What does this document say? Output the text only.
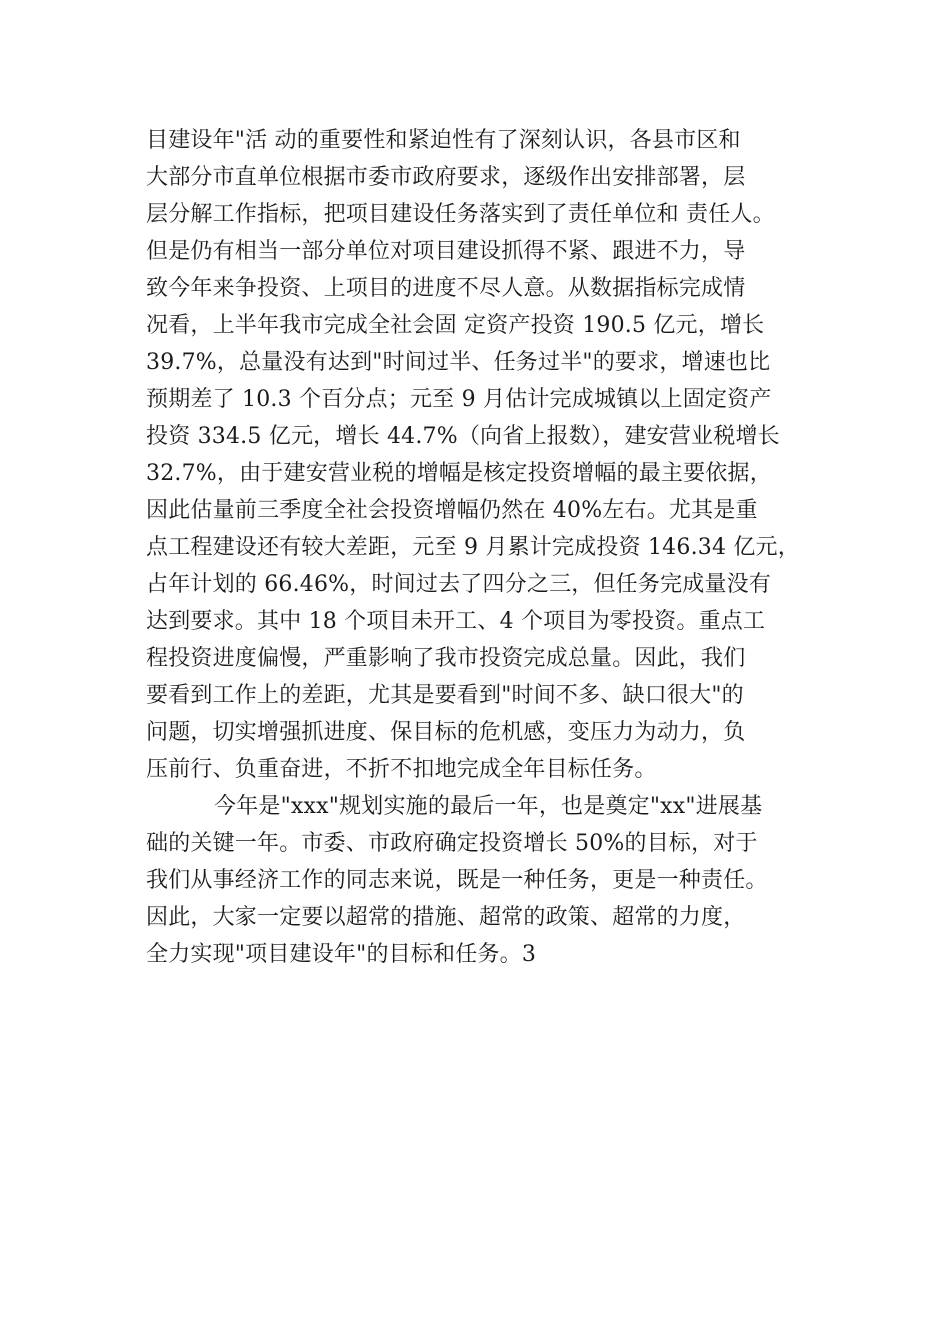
目建设年"活 动的重要性和紧迫性有了深刻认识，各县市区和
大部分市直单位根据市委市政府要求，逐级作出安排部署，层
层分解工作指标，把项目建设任务落实到了责任单位和 责任人。
但是仍有相当一部分单位对项目建设抓得不紧、跟进不力，导
致今年来争投资、上项目的进度不尽人意。从数据指标完成情
况看，上半年我市完成全社会固 定资产投资 190.5 亿元，增长
39.7%，总量没有达到"时间过半、任务过半"的要求，增速也比
预期差了 10.3 个百分点；元至 9 月估计完成城镇以上固定资产
投资 334.5 亿元，增长 44.7%（向省上报数），建安营业税增长
32.7%，由于建安营业税的增幅是核定投资增幅的最主要依据，
因此估量前三季度全社会投资增幅仍然在 40%左右。尤其是重
点工程建设还有较大差距，元至 9 月累计完成投资 146.34 亿元，
占年计划的 66.46%，时间过去了四分之三，但任务完成量没有
达到要求。其中 18 个项目未开工、4 个项目为零投资。重点工
程投资进度偏慢，严重影响了我市投资完成总量。因此，我们
要看到工作上的差距，尤其是要看到"时间不多、缺口很大"的
问题，切实增强抓进度、保目标的危机感，变压力为动力，负
压前行、负重奋进，不折不扣地完成全年目标任务。
今年是"xxx"规划实施的最后一年，也是奠定"xx"进展基
础的关键一年。市委、市政府确定投资增长 50%的目标，对于
我们从事经济工作的同志来说，既是一种任务，更是一种责任。
因此，大家一定要以超常的措施、超常的政策、超常的力度，
全力实现"项目建设年"的目标和任务。3
